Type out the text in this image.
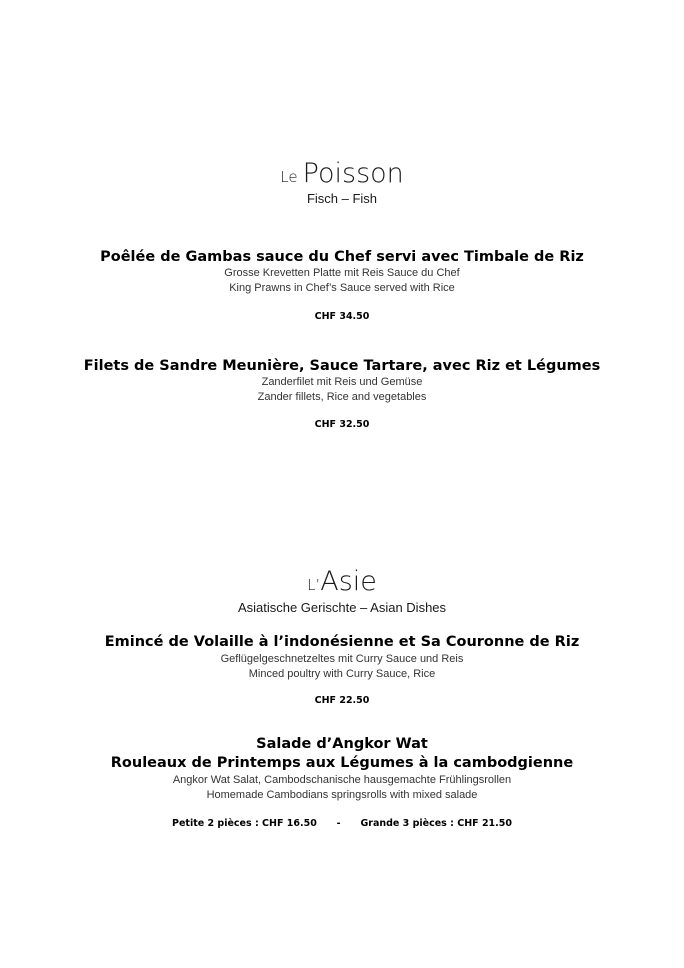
Le Poisson
Fisch – Fish
Poêlée de Gambas sauce du Chef servi avec Timbale de Riz
Grosse Krevetten Platte mit Reis Sauce du Chef
King Prawns in Chef’s Sauce served with Rice
CHF 34.50
Filets de Sandre Meunière, Sauce Tartare, avec Riz et Légumes
Zanderfilet mit Reis und Gemüse
Zander fillets, Rice and vegetables
CHF 32.50
L’Asie
Asiatische Gerischte – Asian Dishes
Emincé de Volaille à l’indonésienne et Sa Couronne de Riz
Geflügelgeschnetzeltes mit Curry Sauce und Reis
Minced poultry with Curry Sauce, Rice
CHF 22.50
Salade d’Angkor Wat
Rouleaux de Printemps aux Légumes à la cambodgienne
Angkor Wat Salat, Cambodschanische hausgemachte Frühlingsrollen
Homemade Cambodians springsrolls with mixed salade
Petite 2 pièces : CHF 16.50      -      Grande 3 pièces : CHF 21.50
